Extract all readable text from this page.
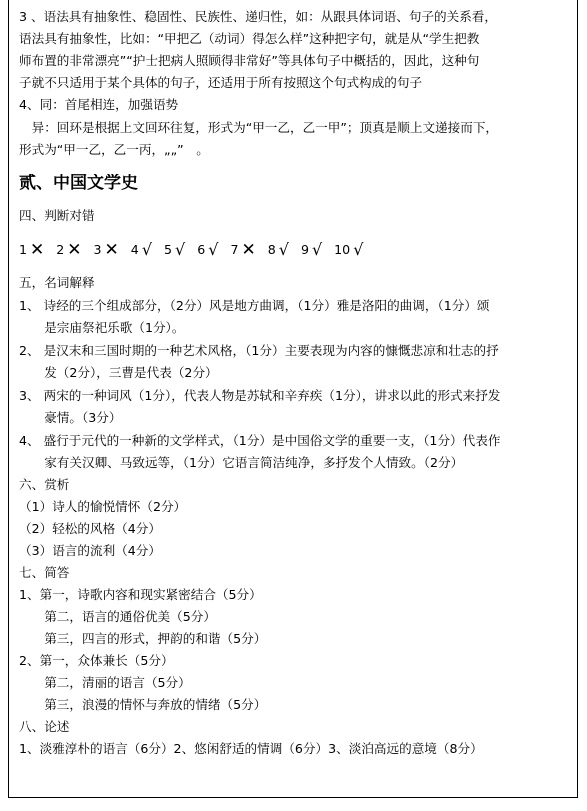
3 、语法具有抽象性、稳固性、民族性、递归性，如：从跟具体词语、句子的关系看，
语法具有抽象性，比如：“甲把乙（动词）得怎么样”这种把字句，就是从“学生把教
师布置的非常漂亮”“护士把病人照顾得非常好”等具体句子中概括的，因此，这种句
子就不只适用于某个具体的句子，还适用于所有按照这个句式构成的句子
4、同：首尾相连，加强语势
　异：回环是根据上文回环往复，形式为“甲一乙，乙一甲”；顶真是顺上文递接而下，
形式为“甲一乙，乙一丙，„„”　。
贰、中国文学史
四、判断对错
1 ✕ 2 ✕ 3 ✕ 4 √ 5 √ 6 √ 7 ✕ 8 √ 9 √ 10 √
五，名词解释
1、 诗经的三个组成部分，（2分）风是地方曲调，（1分）雅是洛阳的曲调，（1分）颂
　　是宗庙祭祀乐歌（1分）。
2、 是汉末和三国时期的一种艺术风格，（1分）主要表现为内容的慷慨悲凉和壮志的抒
　　发（2分），三曹是代表（2分）
3、 两宋的一种词风（1分），代表人物是苏轼和辛弃疾（1分），讲求以此的形式来抒发
　　豪情。（3分）
4、 盛行于元代的一种新的文学样式，（1分）是中国俗文学的重要一支，（1分）代表作
　　家有关汉卿、马致远等，（1分）它语言简洁纯净，多抒发个人情致。（2分）
六、赏析
（1）诗人的愉悦情怀（2分）
（2）轻松的风格（4分）
（3）语言的流利（4分）
七、简答
1、第一，诗歌内容和现实紧密结合（5分）
　　第二，语言的通俗优美（5分）
　　第三，四言的形式，押韵的和谐（5分）
2、第一，众体兼长（5分）
　　第二，清丽的语言（5分）
　　第三，浪漫的情怀与奔放的情绪（5分）
八、论述
1、淡雅淳朴的语言（6分）2、悠闲舒适的情调（6分）3、淡泊高远的意境（8分）
